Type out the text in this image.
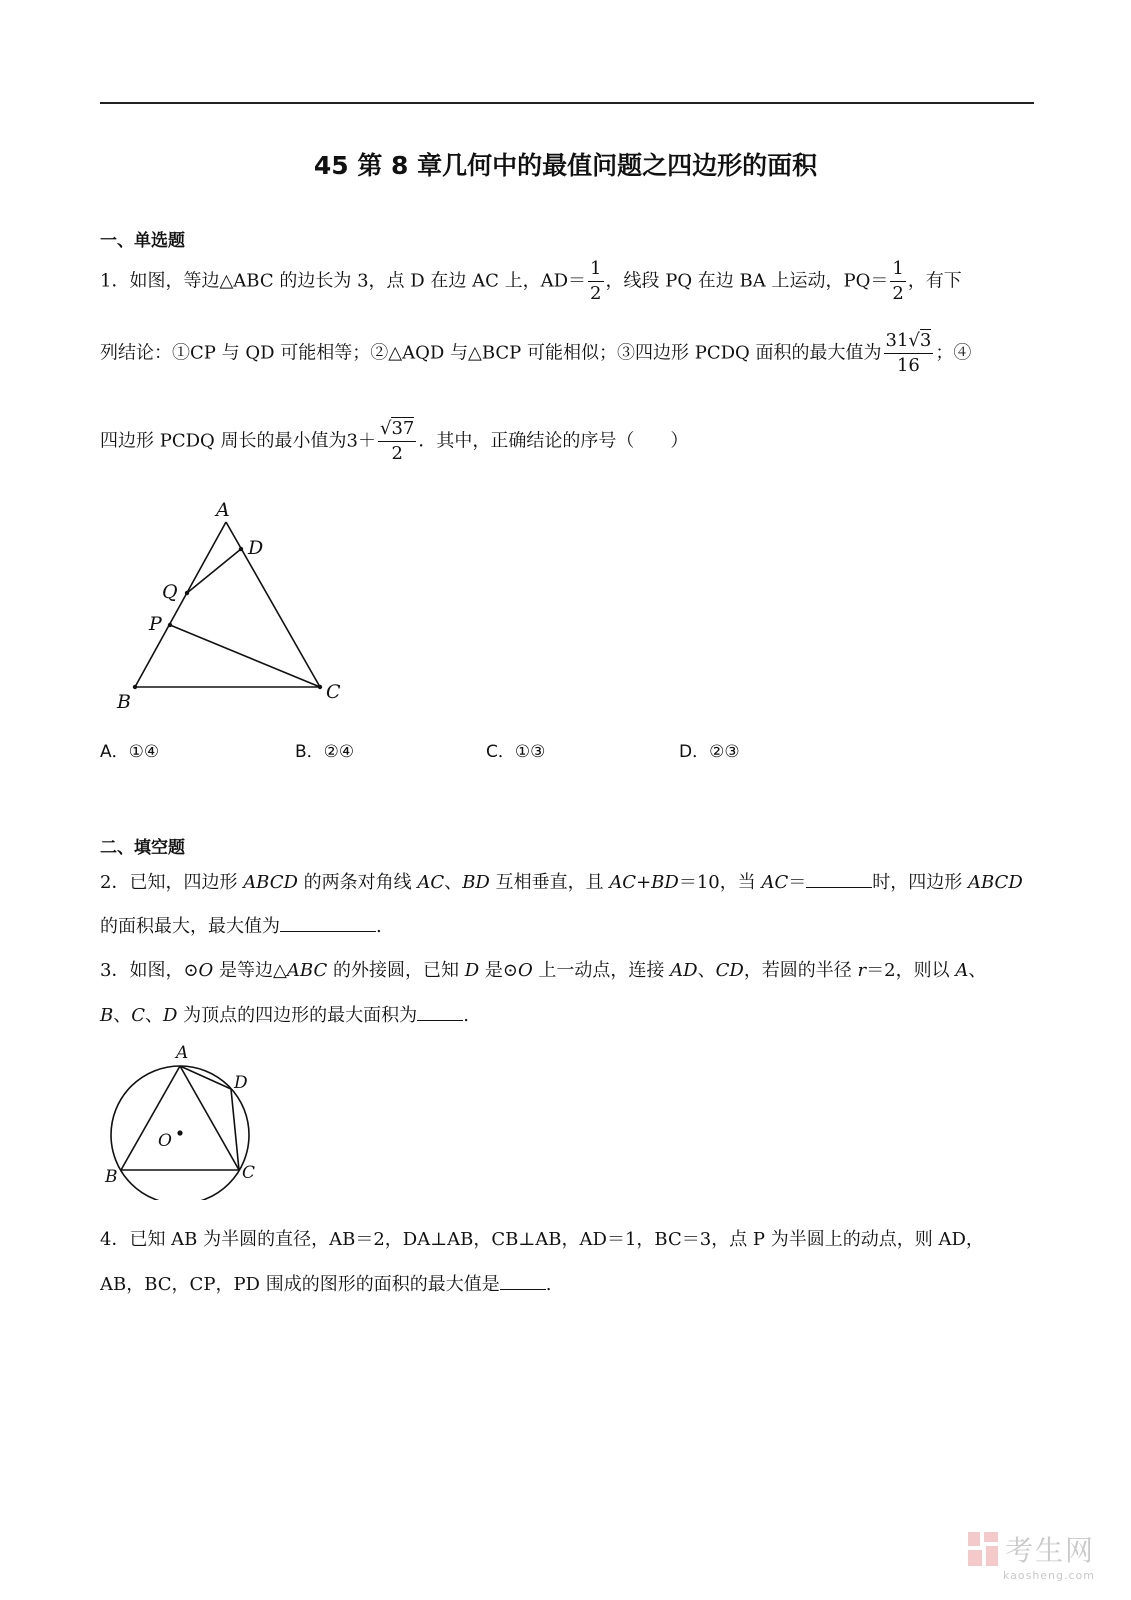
45 第 8 章几何中的最值问题之四边形的面积
一、单选题
1．如图，等边△ABC 的边长为 3，点 D 在边 AC 上，$AD= \frac{1}{2}$ ，线段 PQ 在边 BA 上运动，$PQ= \frac{1}{2}$ ，有下
列结论：①CP 与 QD 可能相等；②△AQD 与△BCP 可能相似；③四边形 PCDQ 面积的最大值为 $\frac{31√3}{16}$ ；④
四边形 PCDQ 周长的最小值为$3+ \frac{√37}{2}$ ．其中，正确结论的序号（　　）
A
D
Q
P
B	C
A．①④	B．②④	C．①③	D．②③
二、填空题
2．已知，四边形 ABCD 的两条对角线 AC、BD 互相垂直，且 AC+BD＝10，当 AC＝	时，四边形 ABCD
的面积最大，最大值为	.
3．如图，⊙O 是等边△ABC 的外接圆，已知 D 是⊙O 上一动点，连接 AD、CD，若圆的半径 r＝2，则以 A、
B、C、D 为顶点的四边形的最大面积为	.
A
D
O
B	C
4．已知 AB 为半圆的直径，AB＝2，DA⊥AB，CB⊥AB，AD＝1，BC＝3，点 P 为半圆上的动点，则 AD，
AB，BC，CP，PD 围成的图形的面积的最大值是	.
考生网
kaosheng.com
